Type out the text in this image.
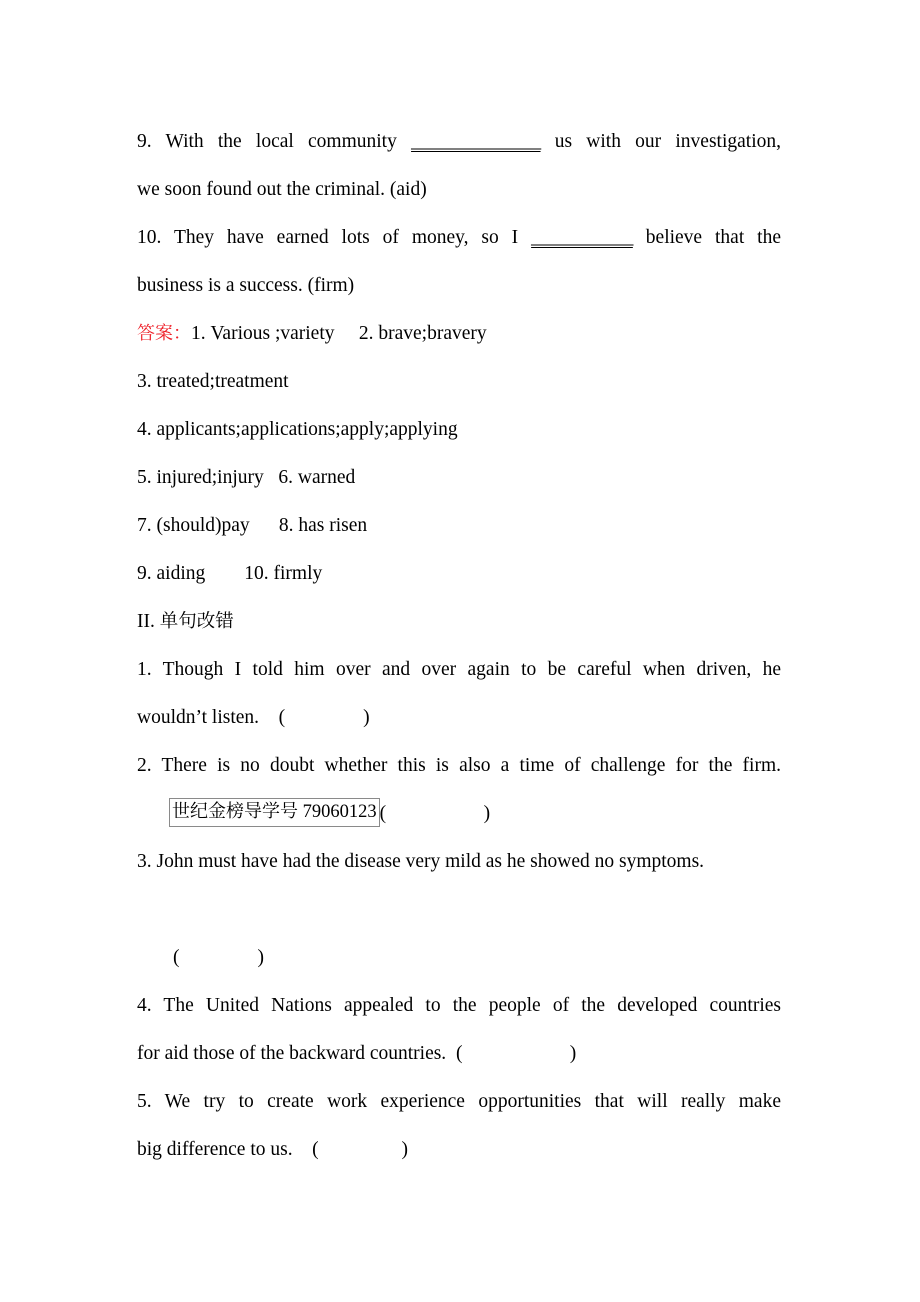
9. With the local community ______________ us with our investigation,
we soon found out the criminal. (aid)
10. They have earned lots of money, so I ___________ believe that the
business is a success. (firm)
答案：1. Various ;variety     2. brave;bravery
3. treated;treatment
4. applicants;applications;apply;applying
5. injured;injury   6. warned
7. (should)pay      8. has risen
9. aiding        10. firmly
II. 单句改错
1. Though I told him over and over again to be careful when driven, he
wouldn’t listen. (	)
2. There is no doubt whether this is also a time of challenge for the firm.
世纪金榜导学号 79060123 (	)
3. John must have had the disease very mild as he showed no symptoms.
(	)
4. The United Nations appealed to the people of the developed countries
for aid those of the backward countries. (	)
5. We try to create work experience opportunities that will really make
big difference to us. (	)
